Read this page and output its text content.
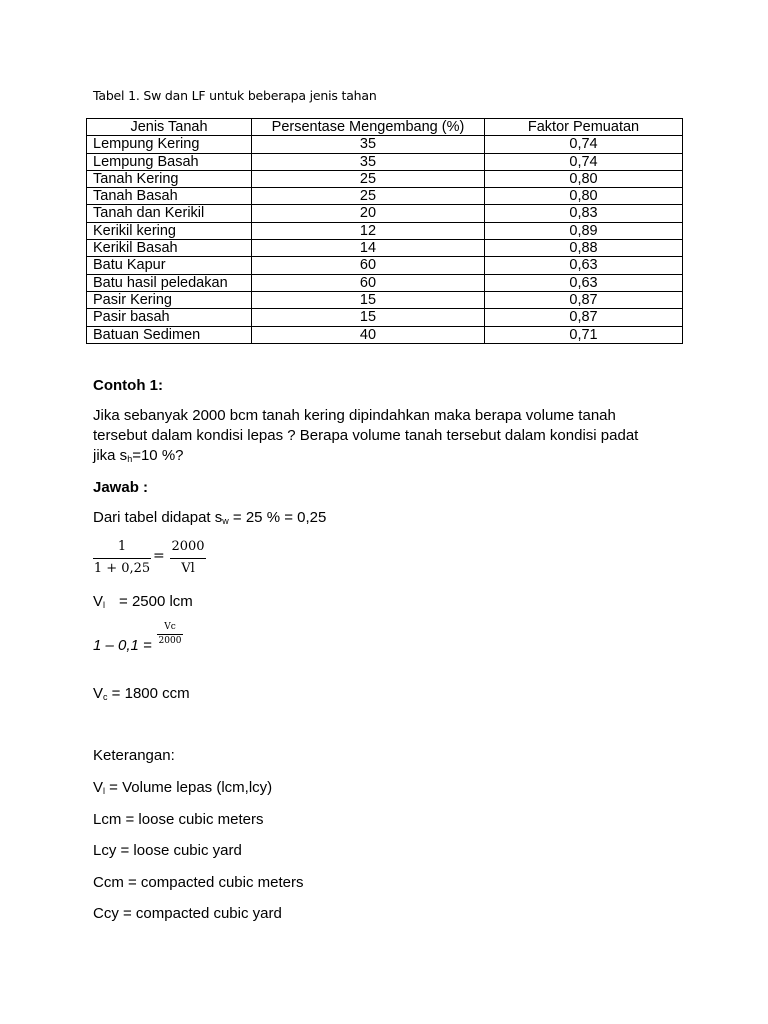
Tabel 1. Sw dan LF untuk beberapa jenis tahan
Jenis Tanah	Persentase Mengembang (%)	Faktor Pemuatan
Lempung Kering	35	0,74
Lempung Basah	35	0,74
Tanah Kering	25	0,80
Tanah Basah	25	0,80
Tanah dan Kerikil	20	0,83
Kerikil kering	12	0,89
Kerikil Basah	14	0,88
Batu Kapur	60	0,63
Batu hasil peledakan	60	0,63
Pasir Kering	15	0,87
Pasir basah	15	0,87
Batuan Sedimen	40	0,71
Contoh 1:
Jika sebanyak 2000 bcm tanah kering dipindahkan maka berapa volume tanah
tersebut dalam kondisi lepas ? Berapa volume tanah tersebut dalam kondisi padat
jika $s_h=10$ %?
Jawab :
Dari tabel didapat $s_w = 25$ % = 0,25
$\frac{1}{1 + 0,25} = \frac{2000}{Vl}$
$V_l = 2500$ lcm
$1 - 0,1 = \frac{Vc}{2000}$
$V_c = 1800$ ccm
Keterangan:
$V_l$ = Volume lepas (lcm,lcy)
Lcm = loose cubic meters
Lcy = loose cubic yard
Ccm = compacted cubic meters
Ccy = compacted cubic yard
